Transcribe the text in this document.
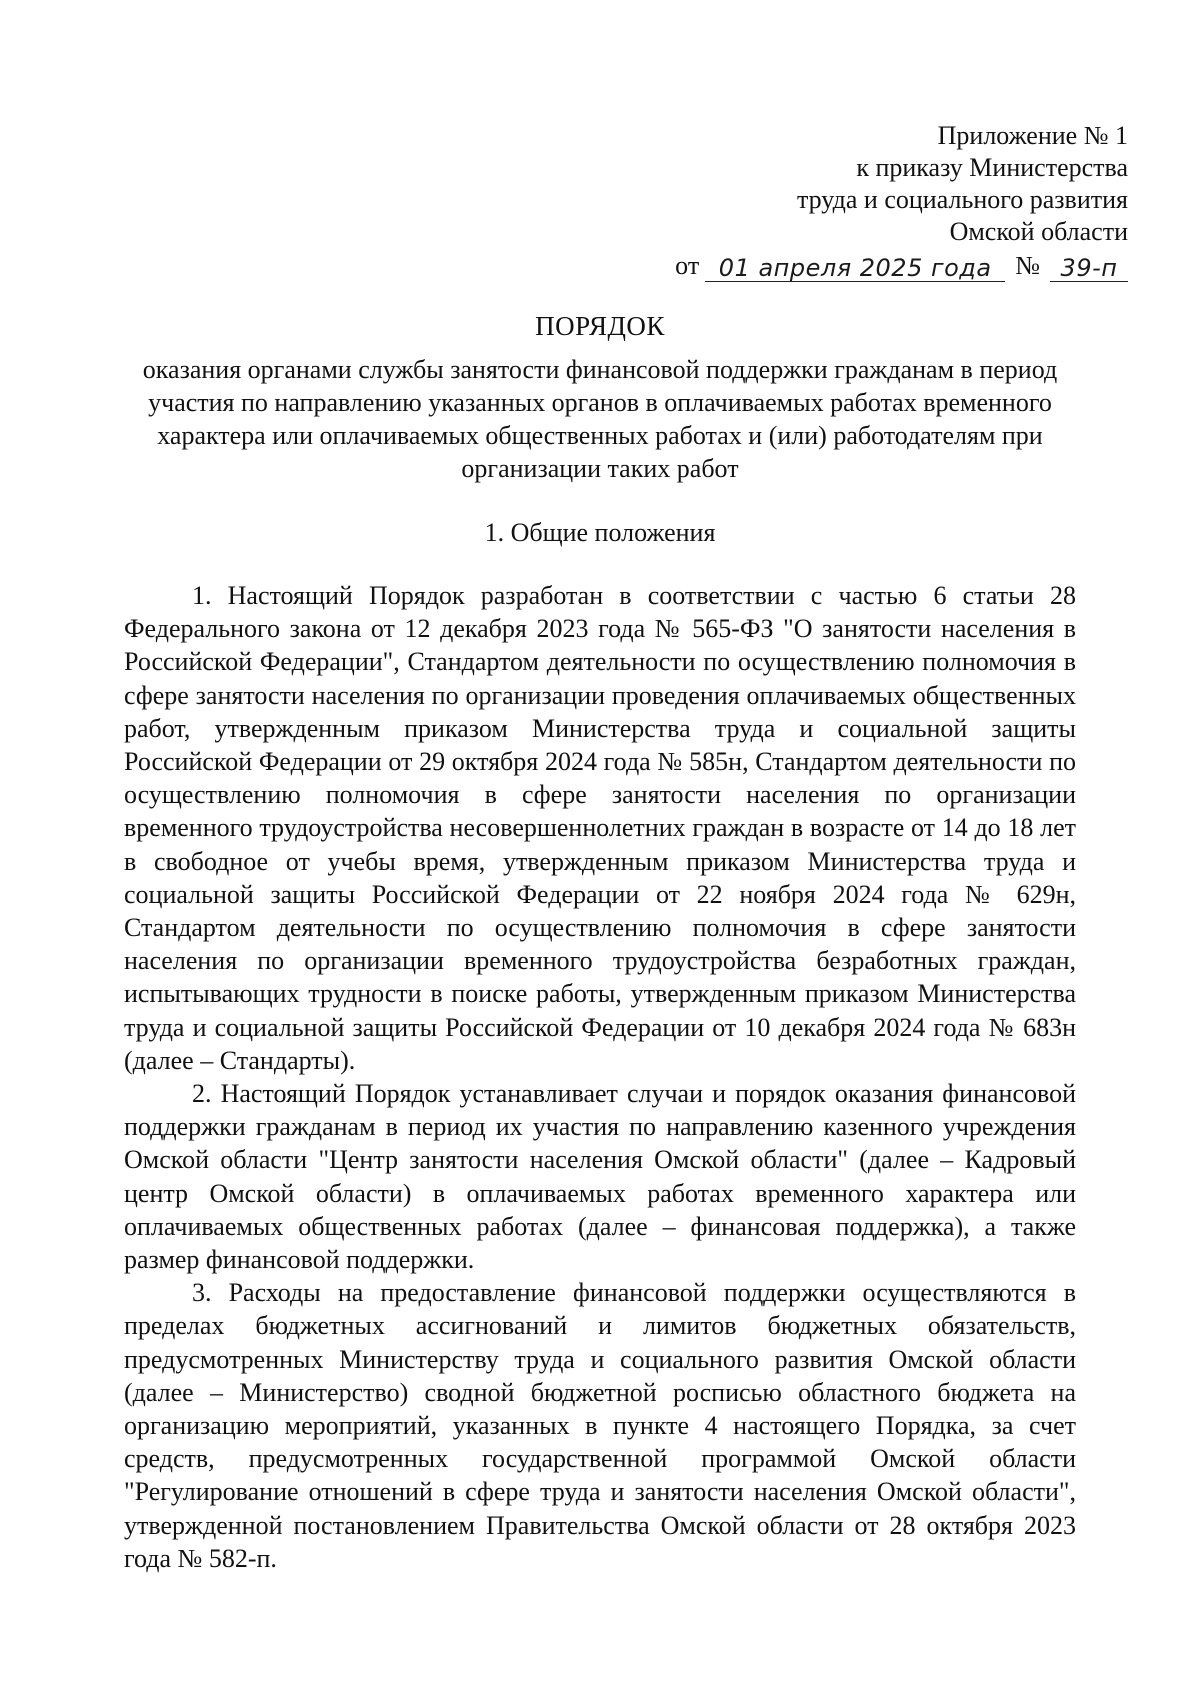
Приложение № 1
к приказу Министерства
труда и социального развития
Омской области
от 01 апреля 2025 года № 39-п
ПОРЯДОК
оказания органами службы занятости финансовой поддержки гражданам в период участия по направлению указанных органов в оплачиваемых работах временного характера или оплачиваемых общественных работах и (или) работодателям при организации таких работ
1. Общие положения

1. Настоящий Порядок разработан в соответствии с частью 6 статьи 28 Федерального закона от 12 декабря 2023 года № 565-ФЗ "О занятости населения в Российской Федерации", Стандартом деятельности по осуществлению полномочия в сфере занятости населения по организации проведения оплачиваемых общественных работ, утвержденным приказом Министерства труда и социальной защиты Российской Федерации от 29 октября 2024 года № 585н, Стандартом деятельности по осуществлению полномочия в сфере занятости населения по организации временного трудоустройства несовершеннолетних граждан в возрасте от 14 до 18 лет в свободное от учебы время, утвержденным приказом Министерства труда и социальной защиты Российской Федерации от 22 ноября 2024 года № 629н, Стандартом деятельности по осуществлению полномочия в сфере занятости населения по организации временного трудоустройства безработных граждан, испытывающих трудности в поиске работы, утвержденным приказом Министерства труда и социальной защиты Российской Федерации от 10 декабря 2024 года № 683н (далее – Стандарты).

2. Настоящий Порядок устанавливает случаи и порядок оказания финансовой поддержки гражданам в период их участия по направлению казенного учреждения Омской области "Центр занятости населения Омской области" (далее – Кадровый центр Омской области) в оплачиваемых работах временного характера или оплачиваемых общественных работах (далее – финансовая поддержка), а также размер финансовой поддержки.

3. Расходы на предоставление финансовой поддержки осуществляются в пределах бюджетных ассигнований и лимитов бюджетных обязательств, предусмотренных Министерству труда и социального развития Омской области (далее – Министерство) сводной бюджетной росписью областного бюджета на организацию мероприятий, указанных в пункте 4 настоящего Порядка, за счет средств, предусмотренных государственной программой Омской области "Регулирование отношений в сфере труда и занятости населения Омской области", утвержденной постановлением Правительства Омской области от 28 октября 2023 года № 582-п.
